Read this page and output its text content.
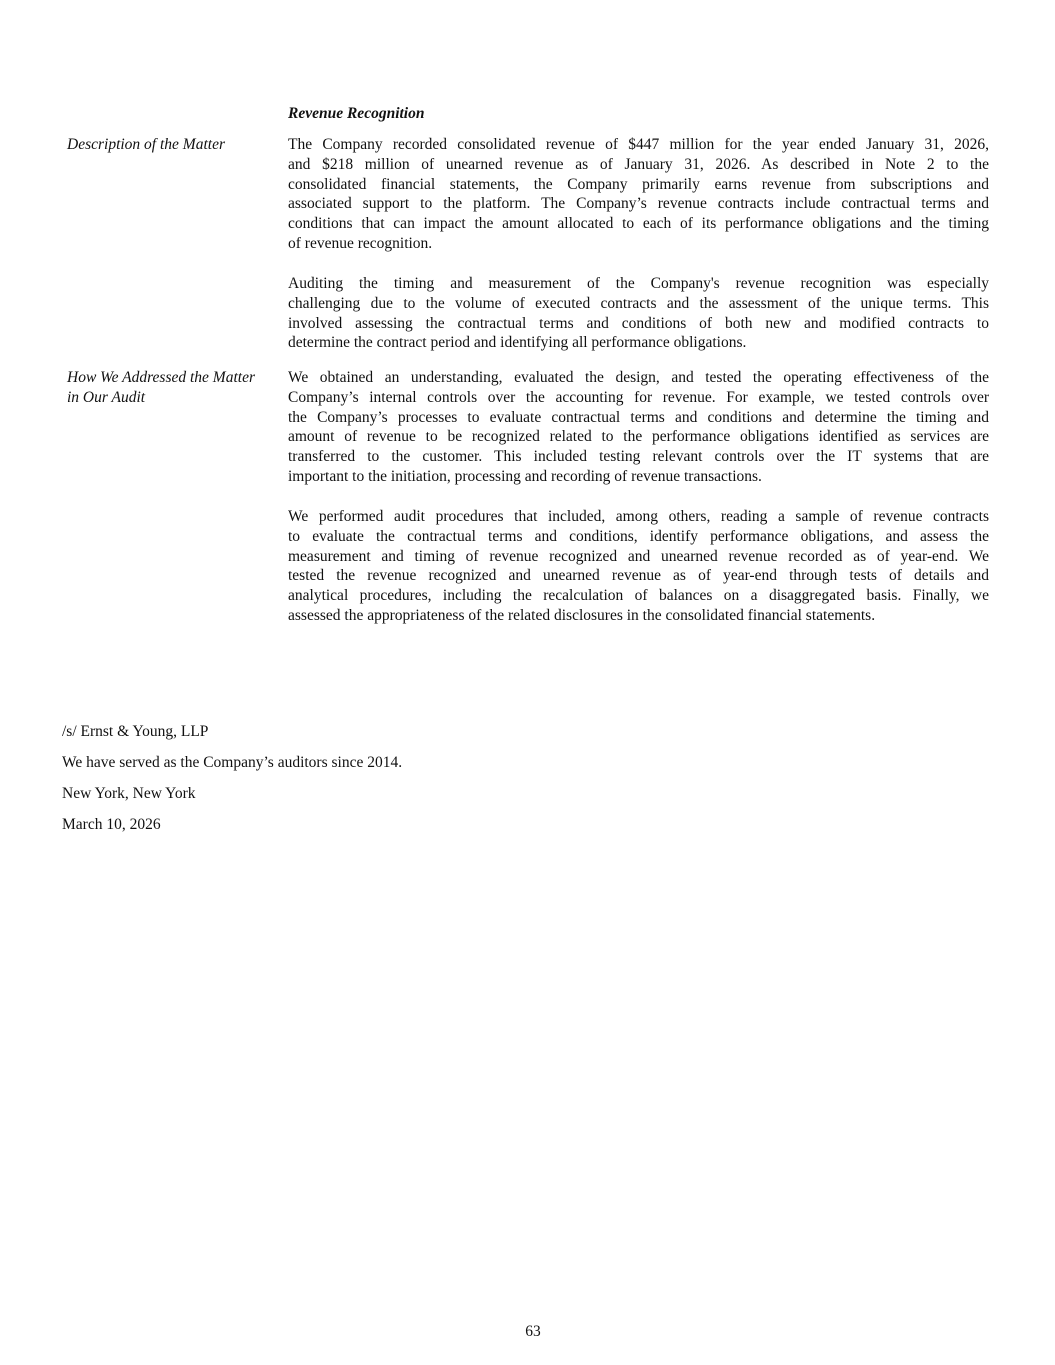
Revenue Recognition
Description of the Matter	The Company recorded consolidated revenue of $447 million for the year ended January 31, 2026,
and $218 million of unearned revenue as of January 31, 2026. As described in Note 2 to the
consolidated financial statements, the Company primarily earns revenue from subscriptions and
associated support to the platform. The Company’s revenue contracts include contractual terms and
conditions that can impact the amount allocated to each of its performance obligations and the timing
of revenue recognition.
Auditing the timing and measurement of the Company's revenue recognition was especially
challenging due to the volume of executed contracts and the assessment of the unique terms. This
involved assessing the contractual terms and conditions of both new and modified contracts to
determine the contract period and identifying all performance obligations.
How We Addressed the Matter
in Our Audit
We obtained an understanding, evaluated the design, and tested the operating effectiveness of the
Company’s internal controls over the accounting for revenue. For example, we tested controls over
the Company’s processes to evaluate contractual terms and conditions and determine the timing and
amount of revenue to be recognized related to the performance obligations identified as services are
transferred to the customer. This included testing relevant controls over the IT systems that are
important to the initiation, processing and recording of revenue transactions.
We performed audit procedures that included, among others, reading a sample of revenue contracts
to evaluate the contractual terms and conditions, identify performance obligations, and assess the
measurement and timing of revenue recognized and unearned revenue recorded as of year-end. We
tested the revenue recognized and unearned revenue as of year-end through tests of details and
analytical procedures, including the recalculation of balances on a disaggregated basis. Finally, we
assessed the appropriateness of the related disclosures in the consolidated financial statements.
/s/ Ernst & Young, LLP
We have served as the Company’s auditors since 2014.
New York, New York
March 10, 2026
63
